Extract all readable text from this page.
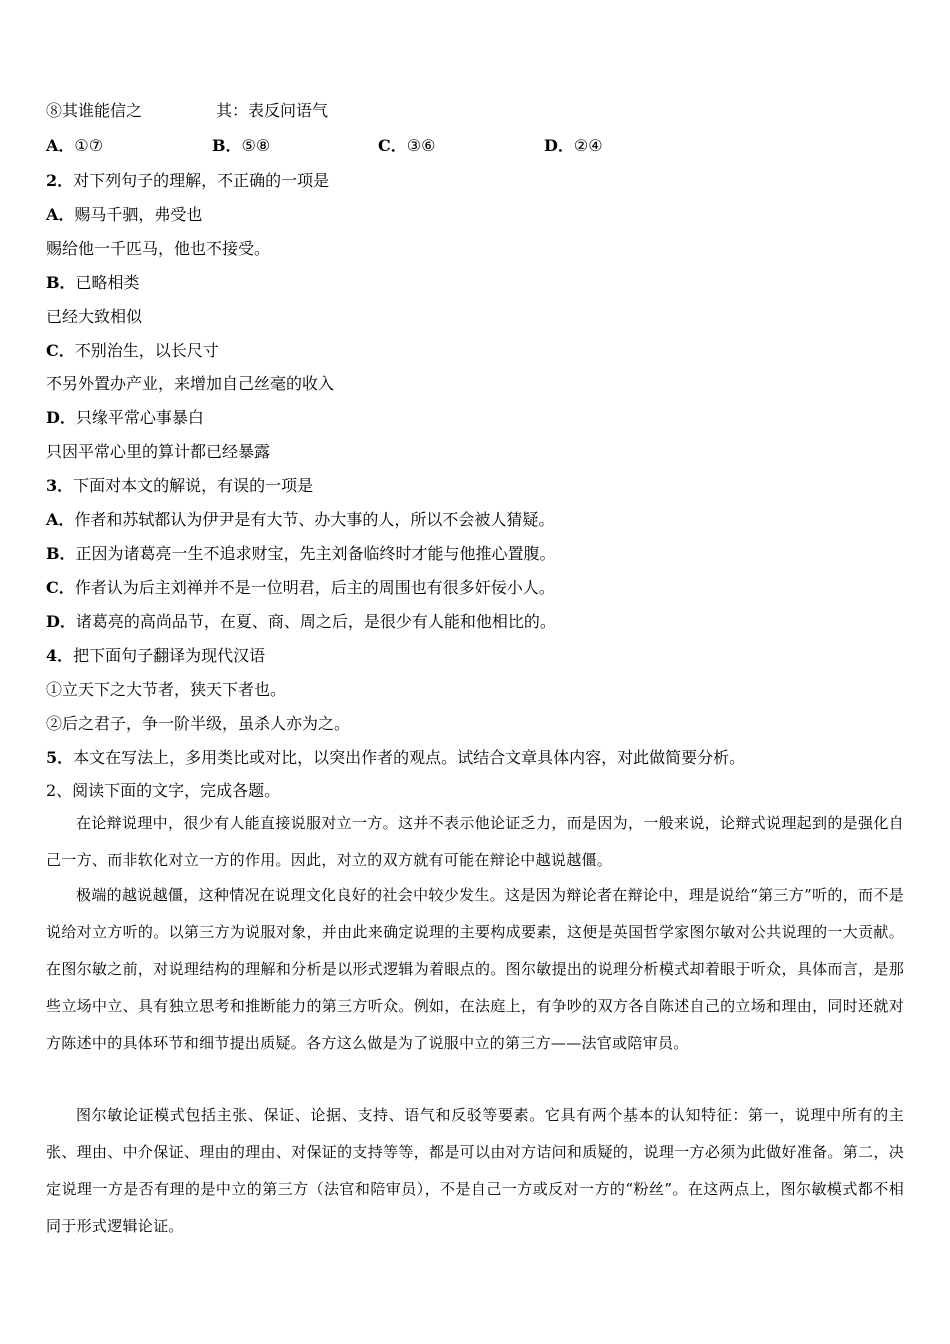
⑧其谁能信之	其：表反问语气
A．①⑦	B．⑤⑧	C．③⑥	D．②④
2．对下列句子的理解，不正确的一项是
A．赐马千驷，弗受也
赐给他一千匹马，他也不接受。
B．已略相类
已经大致相似
C．不别治生，以长尺寸
不另外置办产业，来增加自己丝毫的收入
D．只缘平常心事暴白
只因平常心里的算计都已经暴露
3．下面对本文的解说，有误的一项是
A．作者和苏轼都认为伊尹是有大节、办大事的人，所以不会被人猜疑。
B．正因为诸葛亮一生不追求财宝，先主刘备临终时才能与他推心置腹。
C．作者认为后主刘禅并不是一位明君，后主的周围也有很多奸佞小人。
D．诸葛亮的高尚品节，在夏、商、周之后，是很少有人能和他相比的。
4．把下面句子翻译为现代汉语
①立天下之大节者，狭天下者也。
②后之君子，争一阶半级，虽杀人亦为之。
5．本文在写法上，多用类比或对比，以突出作者的观点。试结合文章具体内容，对此做简要分析。
2、阅读下面的文字，完成各题。
在论辩说理中，很少有人能直接说服对立一方。这并不表示他论证乏力，而是因为，一般来说，论辩式说理起到的是强化自己一方、而非软化对立一方的作用。因此，对立的双方就有可能在辩论中越说越僵。
极端的越说越僵，这种情况在说理文化良好的社会中较少发生。这是因为辩论者在辩论中，理是说给“第三方”听的，而不是说给对立方听的。以第三方为说服对象，并由此来确定说理的主要构成要素，这便是英国哲学家图尔敏对公共说理的一大贡献。在图尔敏之前，对说理结构的理解和分析是以形式逻辑为着眼点的。图尔敏提出的说理分析模式却着眼于听众，具体而言，是那些立场中立、具有独立思考和推断能力的第三方听众。例如，在法庭上，有争吵的双方各自陈述自己的立场和理由，同时还就对方陈述中的具体环节和细节提出质疑。各方这么做是为了说服中立的第三方——法官或陪审员。
图尔敏论证模式包括主张、保证、论据、支持、语气和反驳等要素。它具有两个基本的认知特征：第一，说理中所有的主张、理由、中介保证、理由的理由、对保证的支持等等，都是可以由对方诘问和质疑的，说理一方必须为此做好准备。第二，决定说理一方是否有理的是中立的第三方（法官和陪审员），不是自己一方或反对一方的“粉丝”。在这两点上，图尔敏模式都不相同于形式逻辑论证。
